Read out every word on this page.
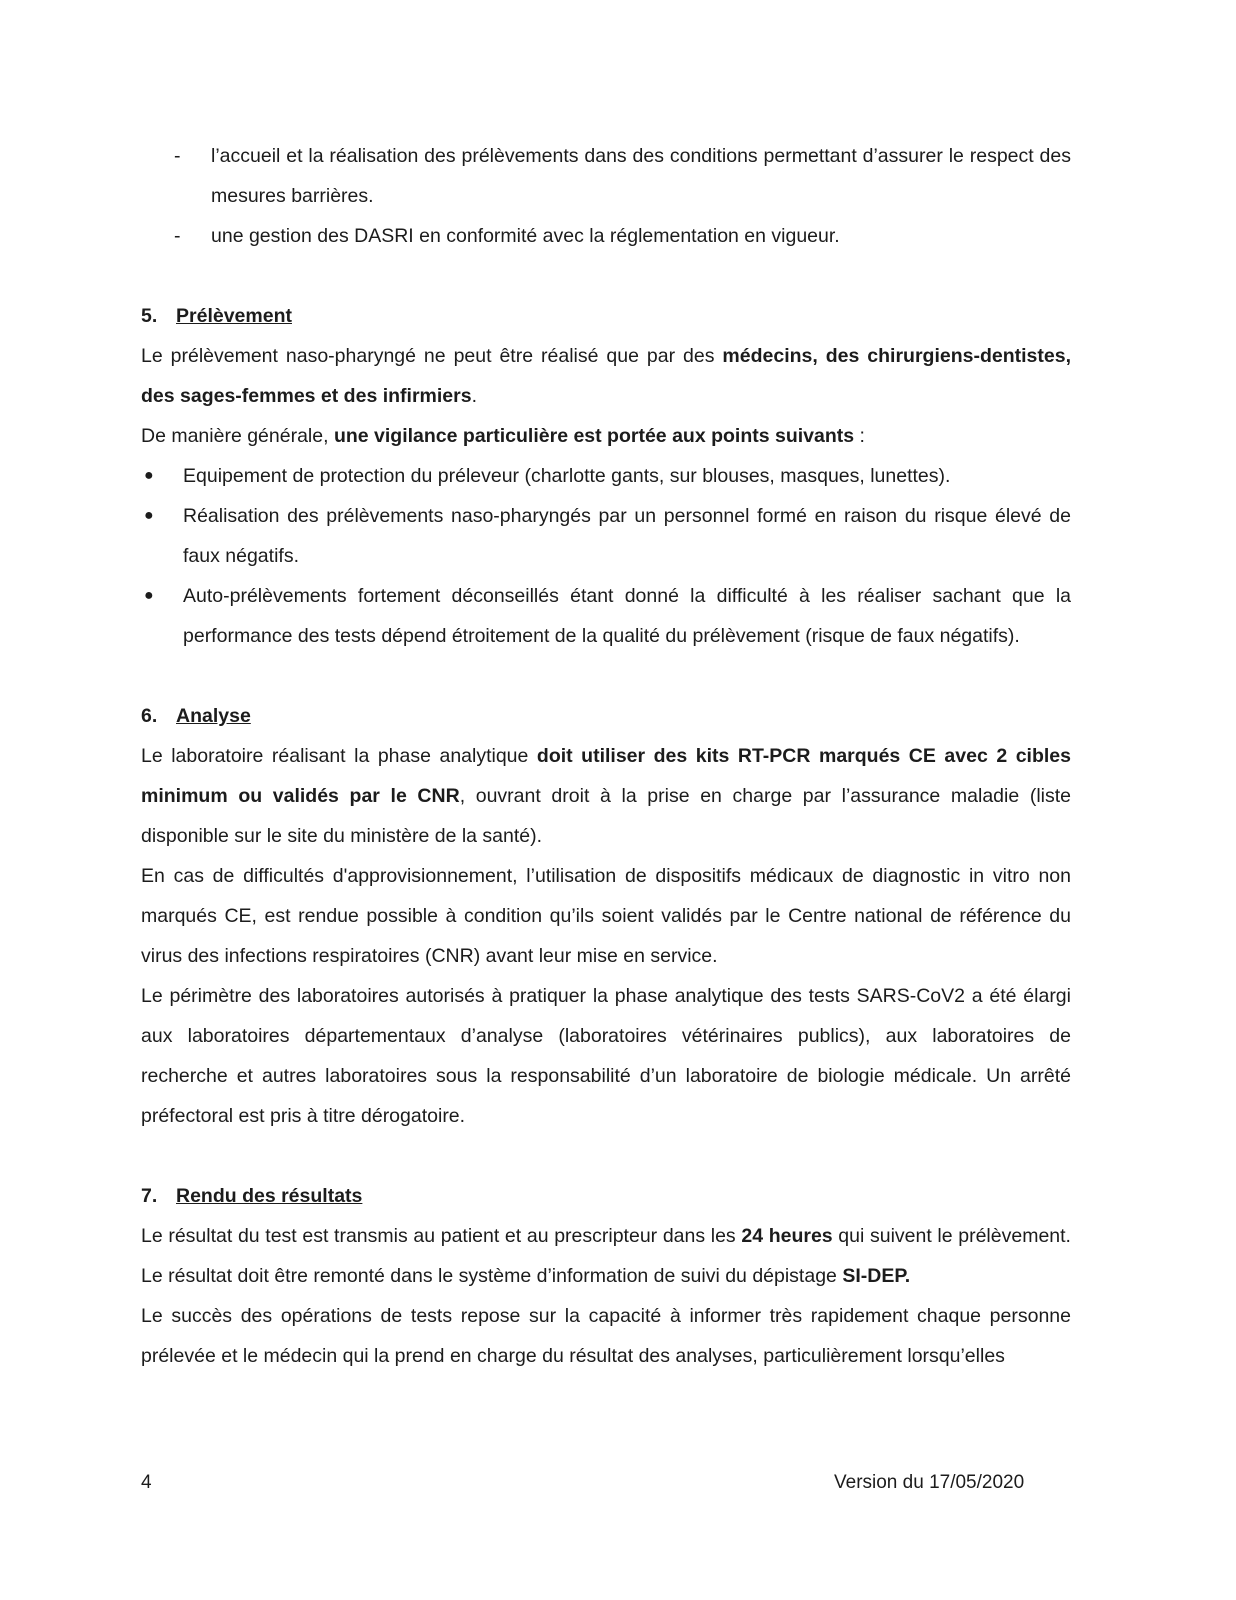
- l’accueil et la réalisation des prélèvements dans des conditions permettant d’assurer le respect des mesures barrières.
- une gestion des DASRI en conformité avec la réglementation en vigueur.
5. Prélèvement

Le prélèvement naso-pharyngé ne peut être réalisé que par des médecins, des chirurgiens-dentistes, des sages-femmes et des infirmiers.

De manière générale, une vigilance particulière est portée aux points suivants :

● Equipement de protection du préleveur (charlotte gants, sur blouses, masques, lunettes).
● Réalisation des prélèvements naso-pharyngés par un personnel formé en raison du risque élevé de faux négatifs.
● Auto-prélèvements fortement déconseillés étant donné la difficulté à les réaliser sachant que la performance des tests dépend étroitement de la qualité du prélèvement (risque de faux négatifs).
6. Analyse

Le laboratoire réalisant la phase analytique doit utiliser des kits RT-PCR marqués CE avec 2 cibles minimum ou validés par le CNR, ouvrant droit à la prise en charge par l’assurance maladie (liste disponible sur le site du ministère de la santé).

En cas de difficultés d'approvisionnement, l’utilisation de dispositifs médicaux de diagnostic in vitro non marqués CE, est rendue possible à condition qu’ils soient validés par le Centre national de référence du virus des infections respiratoires (CNR) avant leur mise en service.

Le périmètre des laboratoires autorisés à pratiquer la phase analytique des tests SARS-CoV2 a été élargi aux laboratoires départementaux d’analyse (laboratoires vétérinaires publics), aux laboratoires de recherche et autres laboratoires sous la responsabilité d’un laboratoire de biologie médicale. Un arrêté préfectoral est pris à titre dérogatoire.

7. Rendu des résultats

Le résultat du test est transmis au patient et au prescripteur dans les 24 heures qui suivent le prélèvement. Le résultat doit être remonté dans le système d’information de suivi du dépistage SI-DEP.

Le succès des opérations de tests repose sur la capacité à informer très rapidement chaque personne prélevée et le médecin qui la prend en charge du résultat des analyses, particulièrement lorsqu’elles

4	Version du 17/05/2020
